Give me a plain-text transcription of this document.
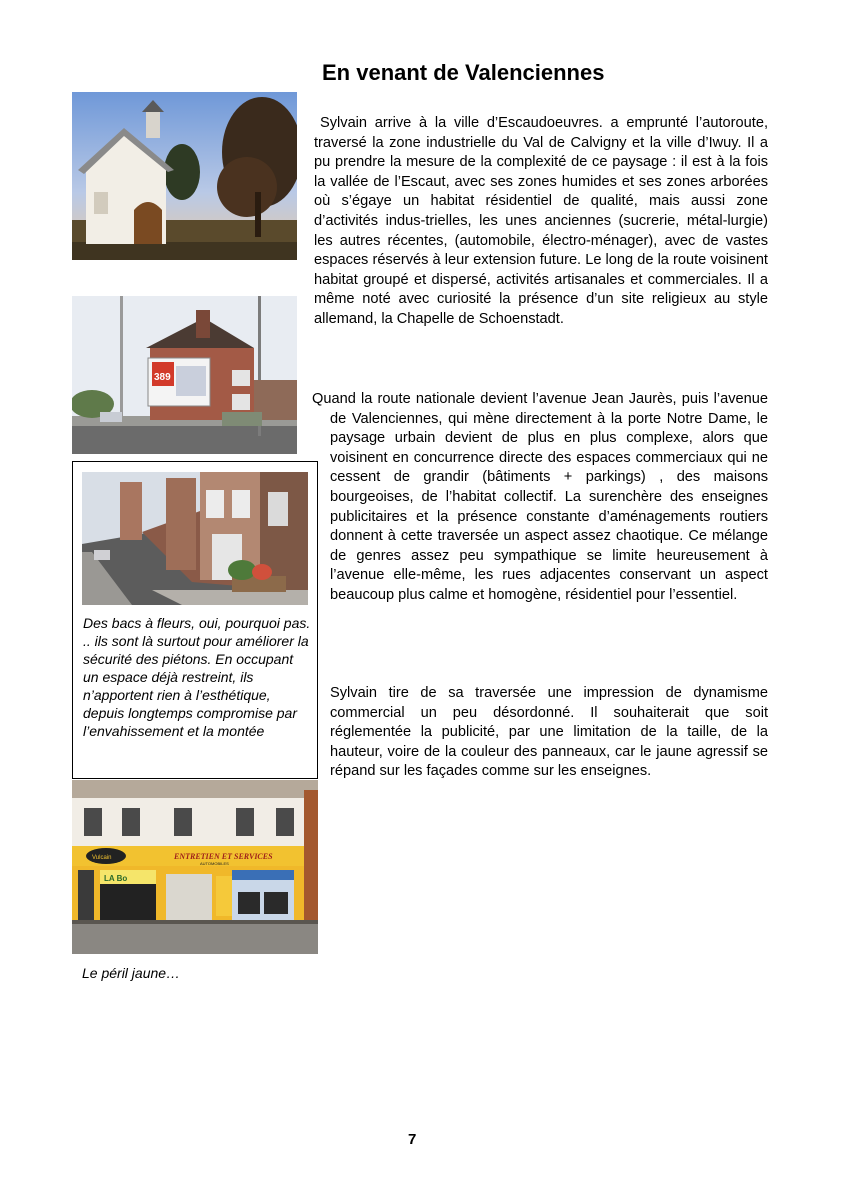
En venant de Valenciennes
389
Des bacs à fleurs, oui, pourquoi pas. .. ils sont là surtout pour améliorer la sécurité des piétons. En occupant un espace déjà restreint, ils n’apportent rien à l’esthétique, depuis longtemps compromise par l’envahissement et la montée
Vulcain	ENTRETIEN ET SERVICES
AUTOMOBILES
LA Bo
Le péril jaune…
Sylvain arrive à la ville d’Escaudoeuvres. a emprunté l’autoroute, traversé la zone industrielle du Val de Calvigny et la ville d’Iwuy. Il a pu prendre la mesure de la complexité de ce paysage : il est à la fois la vallée de l’Escaut, avec ses zones humides et ses zones arborées où s’égaye un habitat résidentiel de qualité, mais aussi zone d’activités indus-trielles, les unes anciennes (sucrerie, métal-lurgie) les autres récentes, (automobile, électro-ménager), avec de vastes espaces réservés à leur extension future. Le long de la route voisinent habitat groupé et dispersé, activités artisanales et commerciales. Il a même noté avec curiosité la présence d’un site religieux au style allemand, la Chapelle de Schoenstadt.
Quand la route nationale devient l’avenue Jean Jaurès, puis l’avenue de Valenciennes, qui mène directement à la porte Notre Dame, le paysage urbain devient de plus en plus complexe, alors que voisinent en concurrence directe des espaces commerciaux qui ne cessent de grandir (bâtiments + parkings) , des maisons bourgeoises, de l’habitat collectif. La surenchère des enseignes publicitaires et la présence constante d’aménagements routiers donnent à cette traversée un aspect assez chaotique. Ce mélange de genres assez peu sympathique se limite heureusement à l’avenue elle-même, les rues adjacentes conservant un aspect beaucoup plus calme et homogène, résidentiel pour l’essentiel.
Sylvain tire de sa traversée une impression de dynamisme commercial un peu désordonné. Il souhaiterait que soit réglementée la publicité, par une limitation de la taille, de la hauteur, voire de la couleur des panneaux, car le jaune agressif se répand sur les façades comme sur les enseignes.
7
